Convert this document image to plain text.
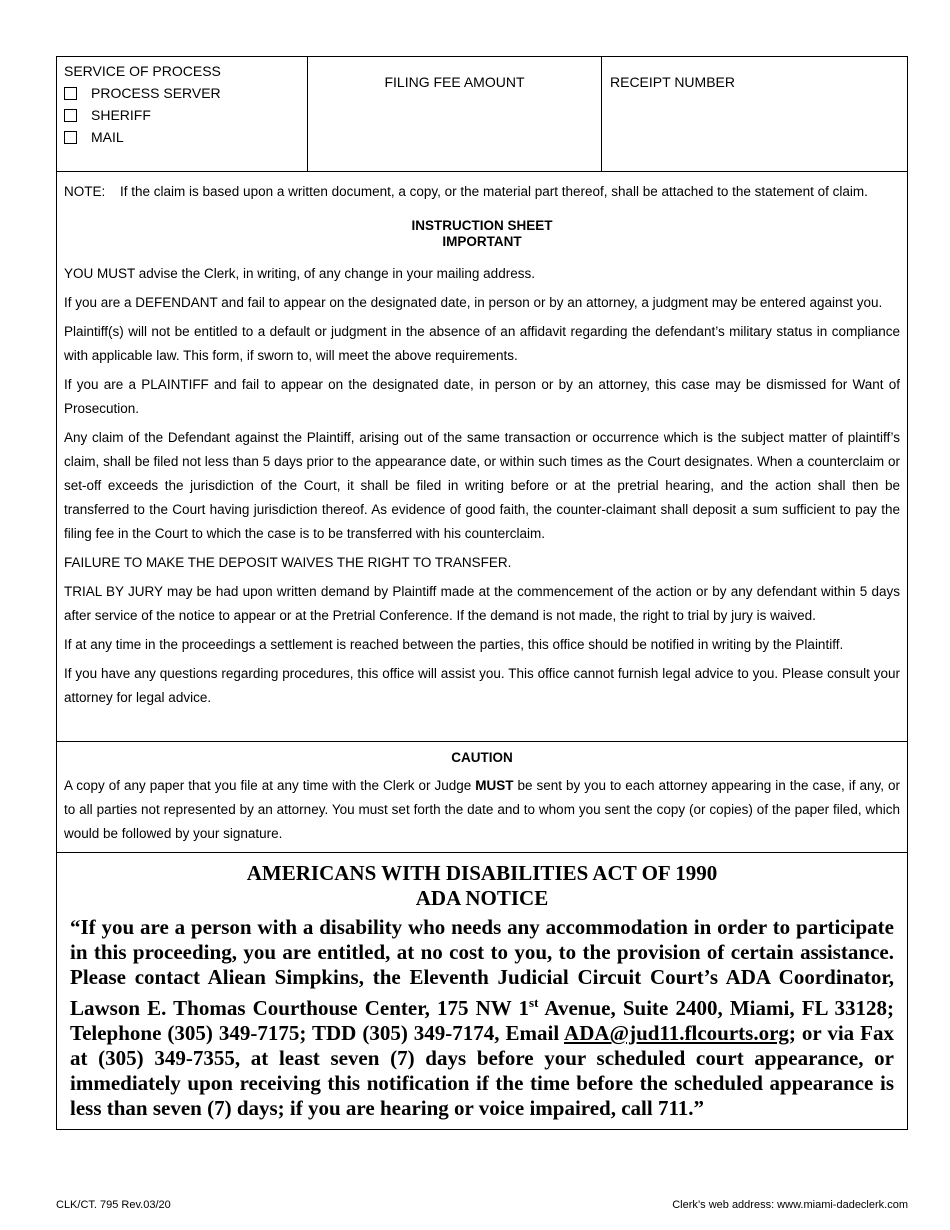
SERVICE OF PROCESS
PROCESS SERVER
SHERIFF
MAIL
FILING FEE AMOUNT	RECEIPT NUMBER
NOTE:	If the claim is based upon a written document, a copy, or the material part thereof, shall be attached to the statement of claim.
INSTRUCTION SHEET
IMPORTANT

YOU MUST advise the Clerk, in writing, of any change in your mailing address.

If you are a DEFENDANT and fail to appear on the designated date, in person or by an attorney, a judgment may be entered against you.

Plaintiff(s) will not be entitled to a default or judgment in the absence of an affidavit regarding the defendant’s military status in compliance with applicable law. This form, if sworn to, will meet the above requirements.

If you are a PLAINTIFF and fail to appear on the designated date, in person or by an attorney, this case may be dismissed for Want of Prosecution.

Any claim of the Defendant against the Plaintiff, arising out of the same transaction or occurrence which is the subject matter of plaintiff’s claim, shall be filed not less than 5 days prior to the appearance date, or within such times as the Court designates. When a counterclaim or set-off exceeds the jurisdiction of the Court, it shall be filed in writing before or at the pretrial hearing, and the action shall then be transferred to the Court having jurisdiction thereof. As evidence of good faith, the counter-claimant shall deposit a sum sufficient to pay the filing fee in the Court to which the case is to be transferred with his counterclaim.

FAILURE TO MAKE THE DEPOSIT WAIVES THE RIGHT TO TRANSFER.

TRIAL BY JURY may be had upon written demand by Plaintiff made at the commencement of the action or by any defendant within 5 days after service of the notice to appear or at the Pretrial Conference. If the demand is not made, the right to trial by jury is waived.

If at any time in the proceedings a settlement is reached between the parties, this office should be notified in writing by the Plaintiff.

If you have any questions regarding procedures, this office will assist you. This office cannot furnish legal advice to you. Please consult your attorney for legal advice.

CAUTION
A copy of any paper that you file at any time with the Clerk or Judge MUST be sent by you to each attorney appearing in the case, if any, or to all parties not represented by an attorney. You must set forth the date and to whom you sent the copy (or copies) of the paper filed, which would be followed by your signature.
AMERICANS WITH DISABILITIES ACT OF 1990
ADA NOTICE
“If you are a person with a disability who needs any accommodation in order to participate in this proceeding, you are entitled, at no cost to you, to the provision of certain assistance. Please contact Aliean Simpkins, the Eleventh Judicial Circuit Court’s ADA Coordinator, Lawson E. Thomas Courthouse Center, 175 NW 1st Avenue, Suite 2400, Miami, FL 33128; Telephone (305) 349-7175; TDD (305) 349-7174, Email ADA@jud11.flcourts.org; or via Fax at (305) 349-7355, at least seven (7) days before your scheduled court appearance, or immediately upon receiving this notification if the time before the scheduled appearance is less than seven (7) days; if you are hearing or voice impaired, call 711.”
CLK/CT. 795 Rev.03/20	Clerk’s web address: www.miami-dadeclerk.com
